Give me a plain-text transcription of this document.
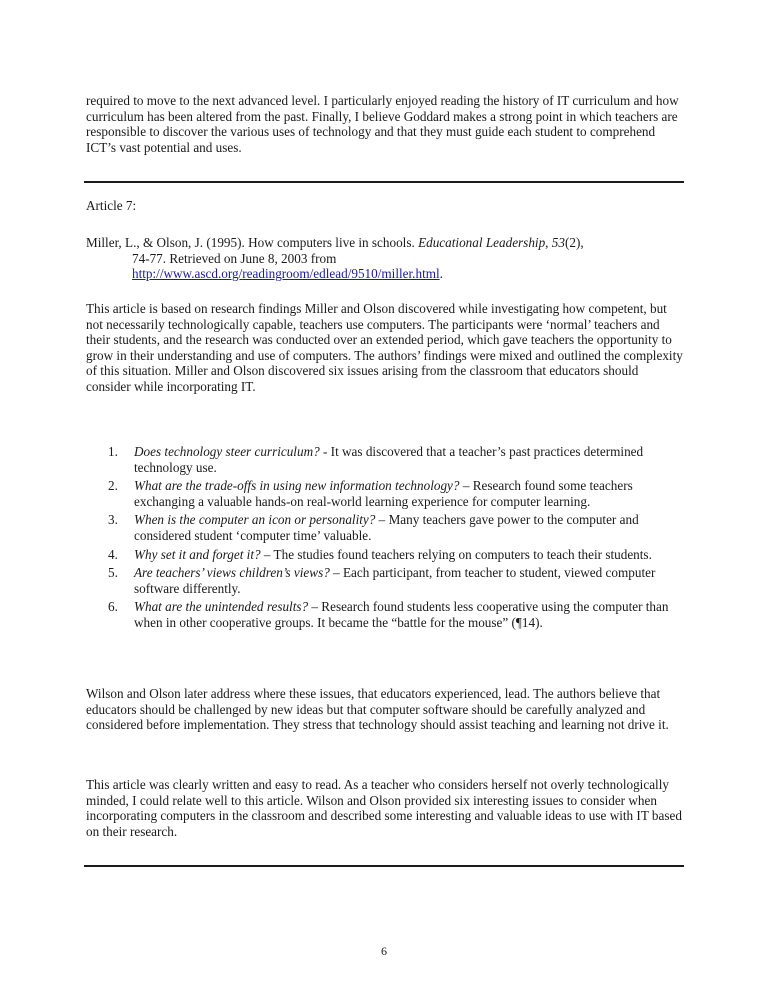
required to move to the next advanced level. I particularly enjoyed reading the history of IT curriculum and how curriculum has been altered from the past. Finally, I believe Goddard makes a strong point in which teachers are responsible to discover the various uses of technology and that they must guide each student to comprehend ICT’s vast potential and uses.

Article 7:

Miller, L., & Olson, J. (1995). How computers live in schools. Educational Leadership, 53(2),
74-77. Retrieved on June 8, 2003 from
http://www.ascd.org/readingroom/edlead/9510/miller.html.

This article is based on research findings Miller and Olson discovered while investigating how competent, but not necessarily technologically capable, teachers use computers. The participants were ‘normal’ teachers and their students, and the research was conducted over an extended period, which gave teachers the opportunity to grow in their understanding and use of computers. The authors’ findings were mixed and outlined the complexity of this situation. Miller and Olson discovered six issues arising from the classroom that educators should consider while incorporating IT.

1. Does technology steer curriculum? - It was discovered that a teacher’s past practices determined technology use.
2. What are the trade-offs in using new information technology? – Research found some teachers exchanging a valuable hands-on real-world learning experience for computer learning.
3. When is the computer an icon or personality? – Many teachers gave power to the computer and considered student ‘computer time’ valuable.
4. Why set it and forget it? – The studies found teachers relying on computers to teach their students.
5. Are teachers’ views children’s views? – Each participant, from teacher to student, viewed computer software differently.
6. What are the unintended results? – Research found students less cooperative using the computer than when in other cooperative groups. It became the “battle for the mouse” (¶14).

Wilson and Olson later address where these issues, that educators experienced, lead. The authors believe that educators should be challenged by new ideas but that computer software should be carefully analyzed and considered before implementation. They stress that technology should assist teaching and learning not drive it.

This article was clearly written and easy to read. As a teacher who considers herself not overly technologically minded, I could relate well to this article. Wilson and Olson provided six interesting issues to consider when incorporating computers in the classroom and described some interesting and valuable ideas to use with IT based on their research.

6
